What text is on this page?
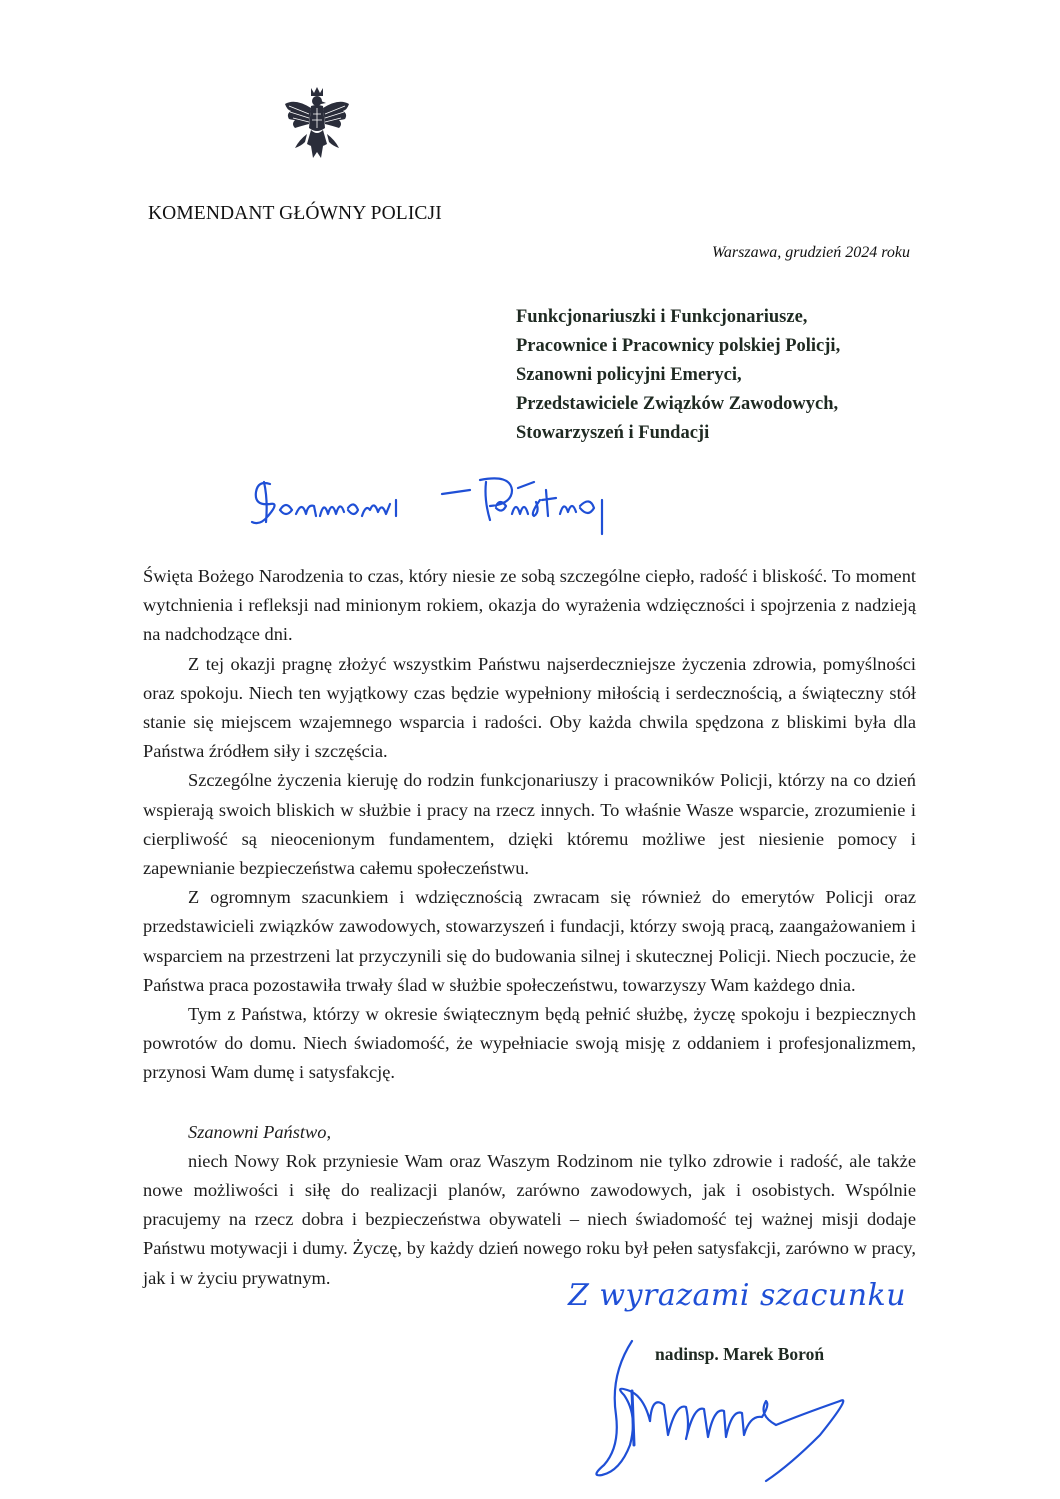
KOMENDANT GŁÓWNY POLICJI
Warszawa, grudzień 2024 roku
Funkcjonariuszki i Funkcjonariusze,
Pracownice i Pracownicy polskiej Policji,
Szanowni policyjni Emeryci,
Przedstawiciele Związków Zawodowych,
Stowarzyszeń i Fundacji

Święta Bożego Narodzenia to czas, który niesie ze sobą szczególne ciepło, radość i bliskość. To moment wytchnienia i refleksji nad minionym rokiem, okazja do wyrażenia wdzięczności i spojrzenia z nadzieją na nadchodzące dni.

Z tej okazji pragnę złożyć wszystkim Państwu najserdeczniejsze życzenia zdrowia, pomyślności oraz spokoju. Niech ten wyjątkowy czas będzie wypełniony miłością i serdecznością, a świąteczny stół stanie się miejscem wzajemnego wsparcia i radości. Oby każda chwila spędzona z bliskimi była dla Państwa źródłem siły i szczęścia.

Szczególne życzenia kieruję do rodzin funkcjonariuszy i pracowników Policji, którzy na co dzień wspierają swoich bliskich w służbie i pracy na rzecz innych. To właśnie Wasze wsparcie, zrozumienie i cierpliwość są nieocenionym fundamentem, dzięki któremu możliwe jest niesienie pomocy i zapewnianie bezpieczeństwa całemu społeczeństwu.

Z ogromnym szacunkiem i wdzięcznością zwracam się również do emerytów Policji oraz przedstawicieli związków zawodowych, stowarzyszeń i fundacji, którzy swoją pracą, zaangażowaniem i wsparciem na przestrzeni lat przyczynili się do budowania silnej i skutecznej Policji. Niech poczucie, że Państwa praca pozostawiła trwały ślad w służbie społeczeństwu, towarzyszy Wam każdego dnia.

Tym z Państwa, którzy w okresie świątecznym będą pełnić służbę, życzę spokoju i bezpiecznych powrotów do domu. Niech świadomość, że wypełniacie swoją misję z oddaniem i profesjonalizmem, przynosi Wam dumę i satysfakcję.

Szanowni Państwo,

niech Nowy Rok przyniesie Wam oraz Waszym Rodzinom nie tylko zdrowie i radość, ale także nowe możliwości i siłę do realizacji planów, zarówno zawodowych, jak i osobistych. Wspólnie pracujemy na rzecz dobra i bezpieczeństwa obywateli – niech świadomość tej ważnej misji dodaje Państwu motywacji i dumy. Życzę, by każdy dzień nowego roku był pełen satysfakcji, zarówno w pracy, jak i w życiu prywatnym.

Z wyrazami szacunku
nadinsp. Marek Boroń
